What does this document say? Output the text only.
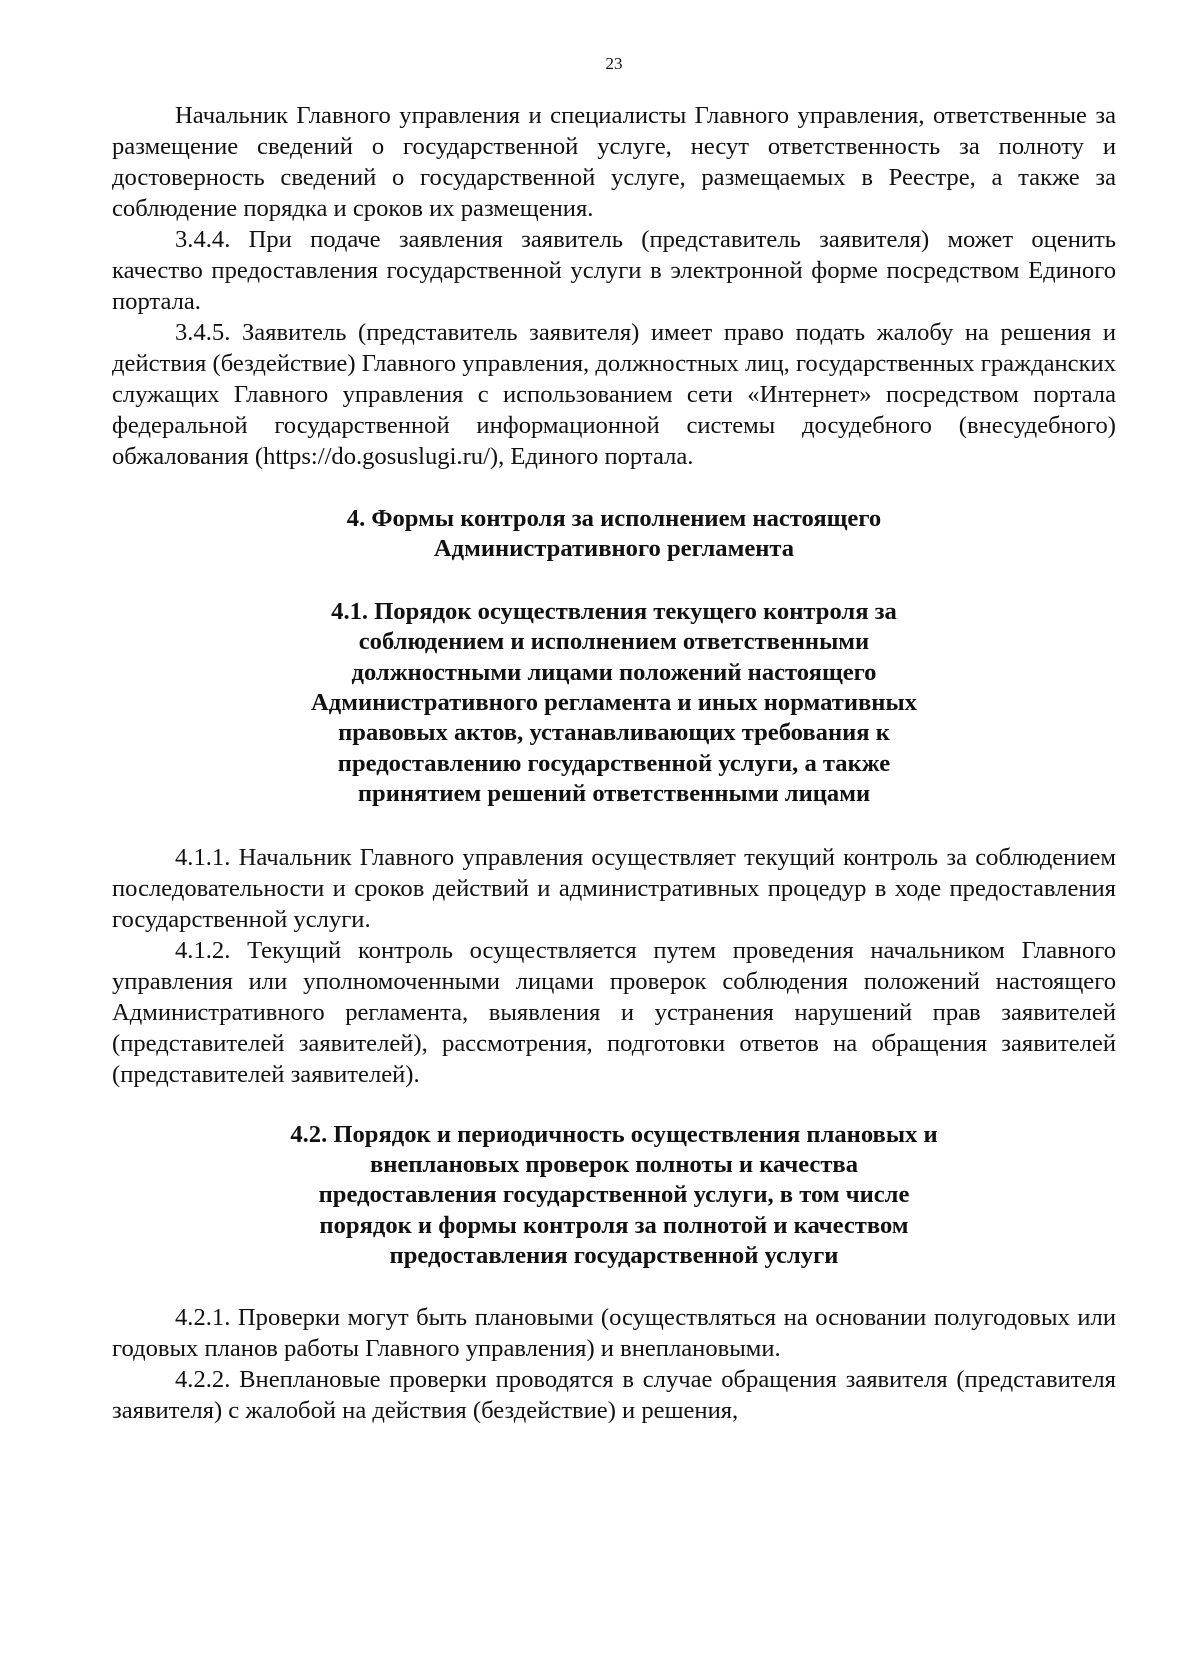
23

Начальник Главного управления и специалисты Главного управления, ответственные за размещение сведений о государственной услуге, несут ответственность за полноту и достоверность сведений о государственной услуге, размещаемых в Реестре, а также за соблюдение порядка и сроков их размещения.

3.4.4. При подаче заявления заявитель (представитель заявителя) может оценить качество предоставления государственной услуги в электронной форме посредством Единого портала.

3.4.5. Заявитель (представитель заявителя) имеет право подать жалобу на решения и действия (бездействие) Главного управления, должностных лиц, государственных гражданских служащих Главного управления с использованием сети «Интернет» посредством портала федеральной государственной информационной системы досудебного (внесудебного) обжалования (https://do.gosuslugi.ru/), Единого портала.

4. Формы контроля за исполнением настоящего Административного регламента
4.1. Порядок осуществления текущего контроля за соблюдением и исполнением ответственными должностными лицами положений настоящего Административного регламента и иных нормативных правовых актов, устанавливающих требования к предоставлению государственной услуги, а также принятием решений ответственными лицами

4.1.1. Начальник Главного управления осуществляет текущий контроль за соблюдением последовательности и сроков действий и административных процедур в ходе предоставления государственной услуги.

4.1.2. Текущий контроль осуществляется путем проведения начальником Главного управления или уполномоченными лицами проверок соблюдения положений настоящего Административного регламента, выявления и устранения нарушений прав заявителей (представителей заявителей), рассмотрения, подготовки ответов на обращения заявителей (представителей заявителей).

4.2. Порядок и периодичность осуществления плановых и внеплановых проверок полноты и качества предоставления государственной услуги, в том числе порядок и формы контроля за полнотой и качеством предоставления государственной услуги

4.2.1. Проверки могут быть плановыми (осуществляться на основании полугодовых или годовых планов работы Главного управления) и внеплановыми.

4.2.2. Внеплановые проверки проводятся в случае обращения заявителя (представителя заявителя) с жалобой на действия (бездействие) и решения,
